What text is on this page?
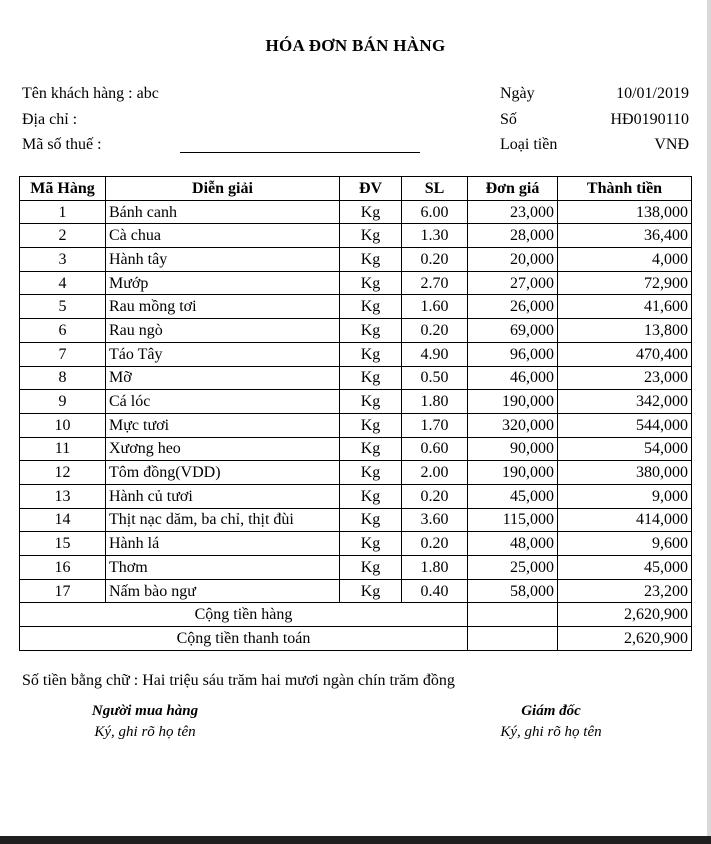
HÓA ĐƠN BÁN HÀNG
Tên khách hàng : abc
Địa chỉ :
Mã số thuế :
Ngày	10/01/2019
Số	HĐ0190110
Loại tiền	VNĐ
Mã Hàng	Diễn giải	ĐV	SL	Đơn giá	Thành tiền
1	Bánh canh	Kg	6.00	23,000	138,000
2	Cà chua	Kg	1.30	28,000	36,400
3	Hành tây	Kg	0.20	20,000	4,000
4	Mướp	Kg	2.70	27,000	72,900
5	Rau mồng tơi	Kg	1.60	26,000	41,600
6	Rau ngò	Kg	0.20	69,000	13,800
7	Táo Tây	Kg	4.90	96,000	470,400
8	Mỡ	Kg	0.50	46,000	23,000
9	Cá lóc	Kg	1.80	190,000	342,000
10	Mực tươi	Kg	1.70	320,000	544,000
11	Xương heo	Kg	0.60	90,000	54,000
12	Tôm đồng(VDD)	Kg	2.00	190,000	380,000
13	Hành củ tươi	Kg	0.20	45,000	9,000
14	Thịt nạc dăm, ba chỉ, thịt đùi	Kg	3.60	115,000	414,000
15	Hành lá	Kg	0.20	48,000	9,600
16	Thơm	Kg	1.80	25,000	45,000
17	Nấm bào ngư	Kg	0.40	58,000	23,200
Cộng tiền hàng					2,620,900
Cộng tiền thanh toán					2,620,900
Số tiền bằng chữ : Hai triệu sáu trăm hai mươi ngàn chín trăm đồng
Người mua hàng
Ký, ghi rõ họ tên
Giám đốc
Ký, ghi rõ họ tên
